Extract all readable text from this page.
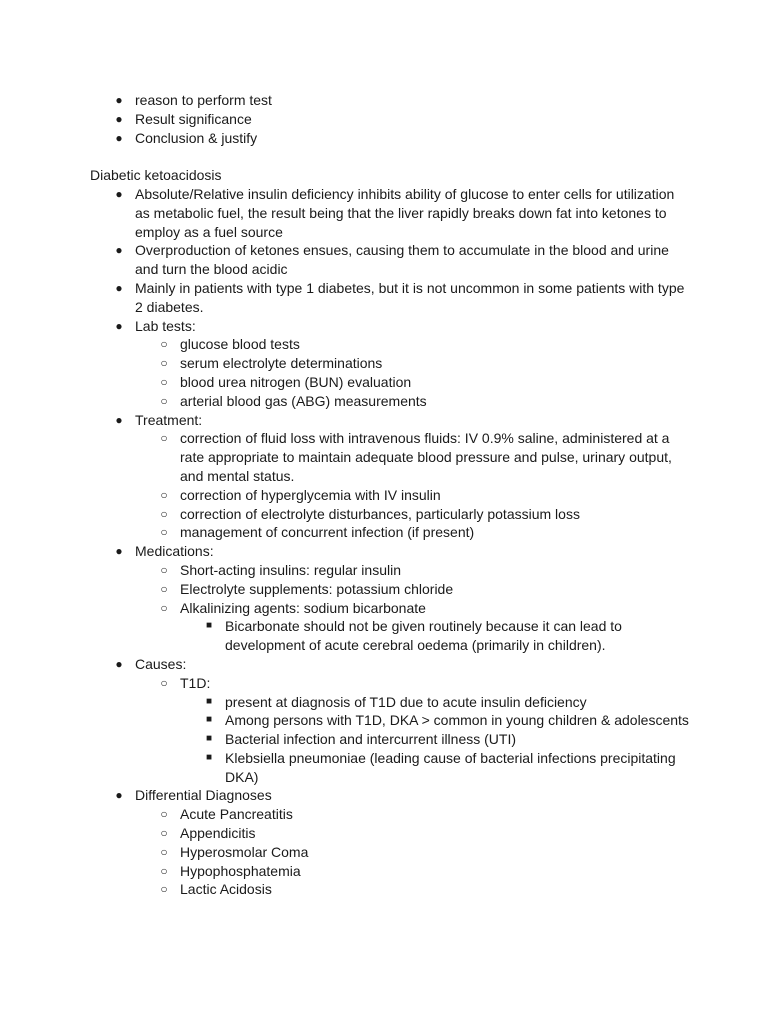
● reason to perform test
● Result significance
● Conclusion & justify
Diabetic ketoacidosis
● Absolute/Relative insulin deficiency inhibits ability of glucose to enter cells for utilization as metabolic fuel, the result being that the liver rapidly breaks down fat into ketones to employ as a fuel source
● Overproduction of ketones ensues, causing them to accumulate in the blood and urine and turn the blood acidic
● Mainly in patients with type 1 diabetes, but it is not uncommon in some patients with type 2 diabetes.
● Lab tests:
○ glucose blood tests
○ serum electrolyte determinations
○ blood urea nitrogen (BUN) evaluation
○ arterial blood gas (ABG) measurements
● Treatment:
○ correction of fluid loss with intravenous fluids: IV 0.9% saline, administered at a rate appropriate to maintain adequate blood pressure and pulse, urinary output, and mental status.
○ correction of hyperglycemia with IV insulin
○ correction of electrolyte disturbances, particularly potassium loss
○ management of concurrent infection (if present)
● Medications:
○ Short-acting insulins: regular insulin
○ Electrolyte supplements: potassium chloride
○ Alkalinizing agents: sodium bicarbonate
■ Bicarbonate should not be given routinely because it can lead to development of acute cerebral oedema (primarily in children).
● Causes:
○ T1D:
■ present at diagnosis of T1D due to acute insulin deficiency
■ Among persons with T1D, DKA > common in young children & adolescents
■ Bacterial infection and intercurrent illness (UTI)
■ Klebsiella pneumoniae (leading cause of bacterial infections precipitating DKA)
● Differential Diagnoses
○ Acute Pancreatitis
○ Appendicitis
○ Hyperosmolar Coma
○ Hypophosphatemia
○ Lactic Acidosis
